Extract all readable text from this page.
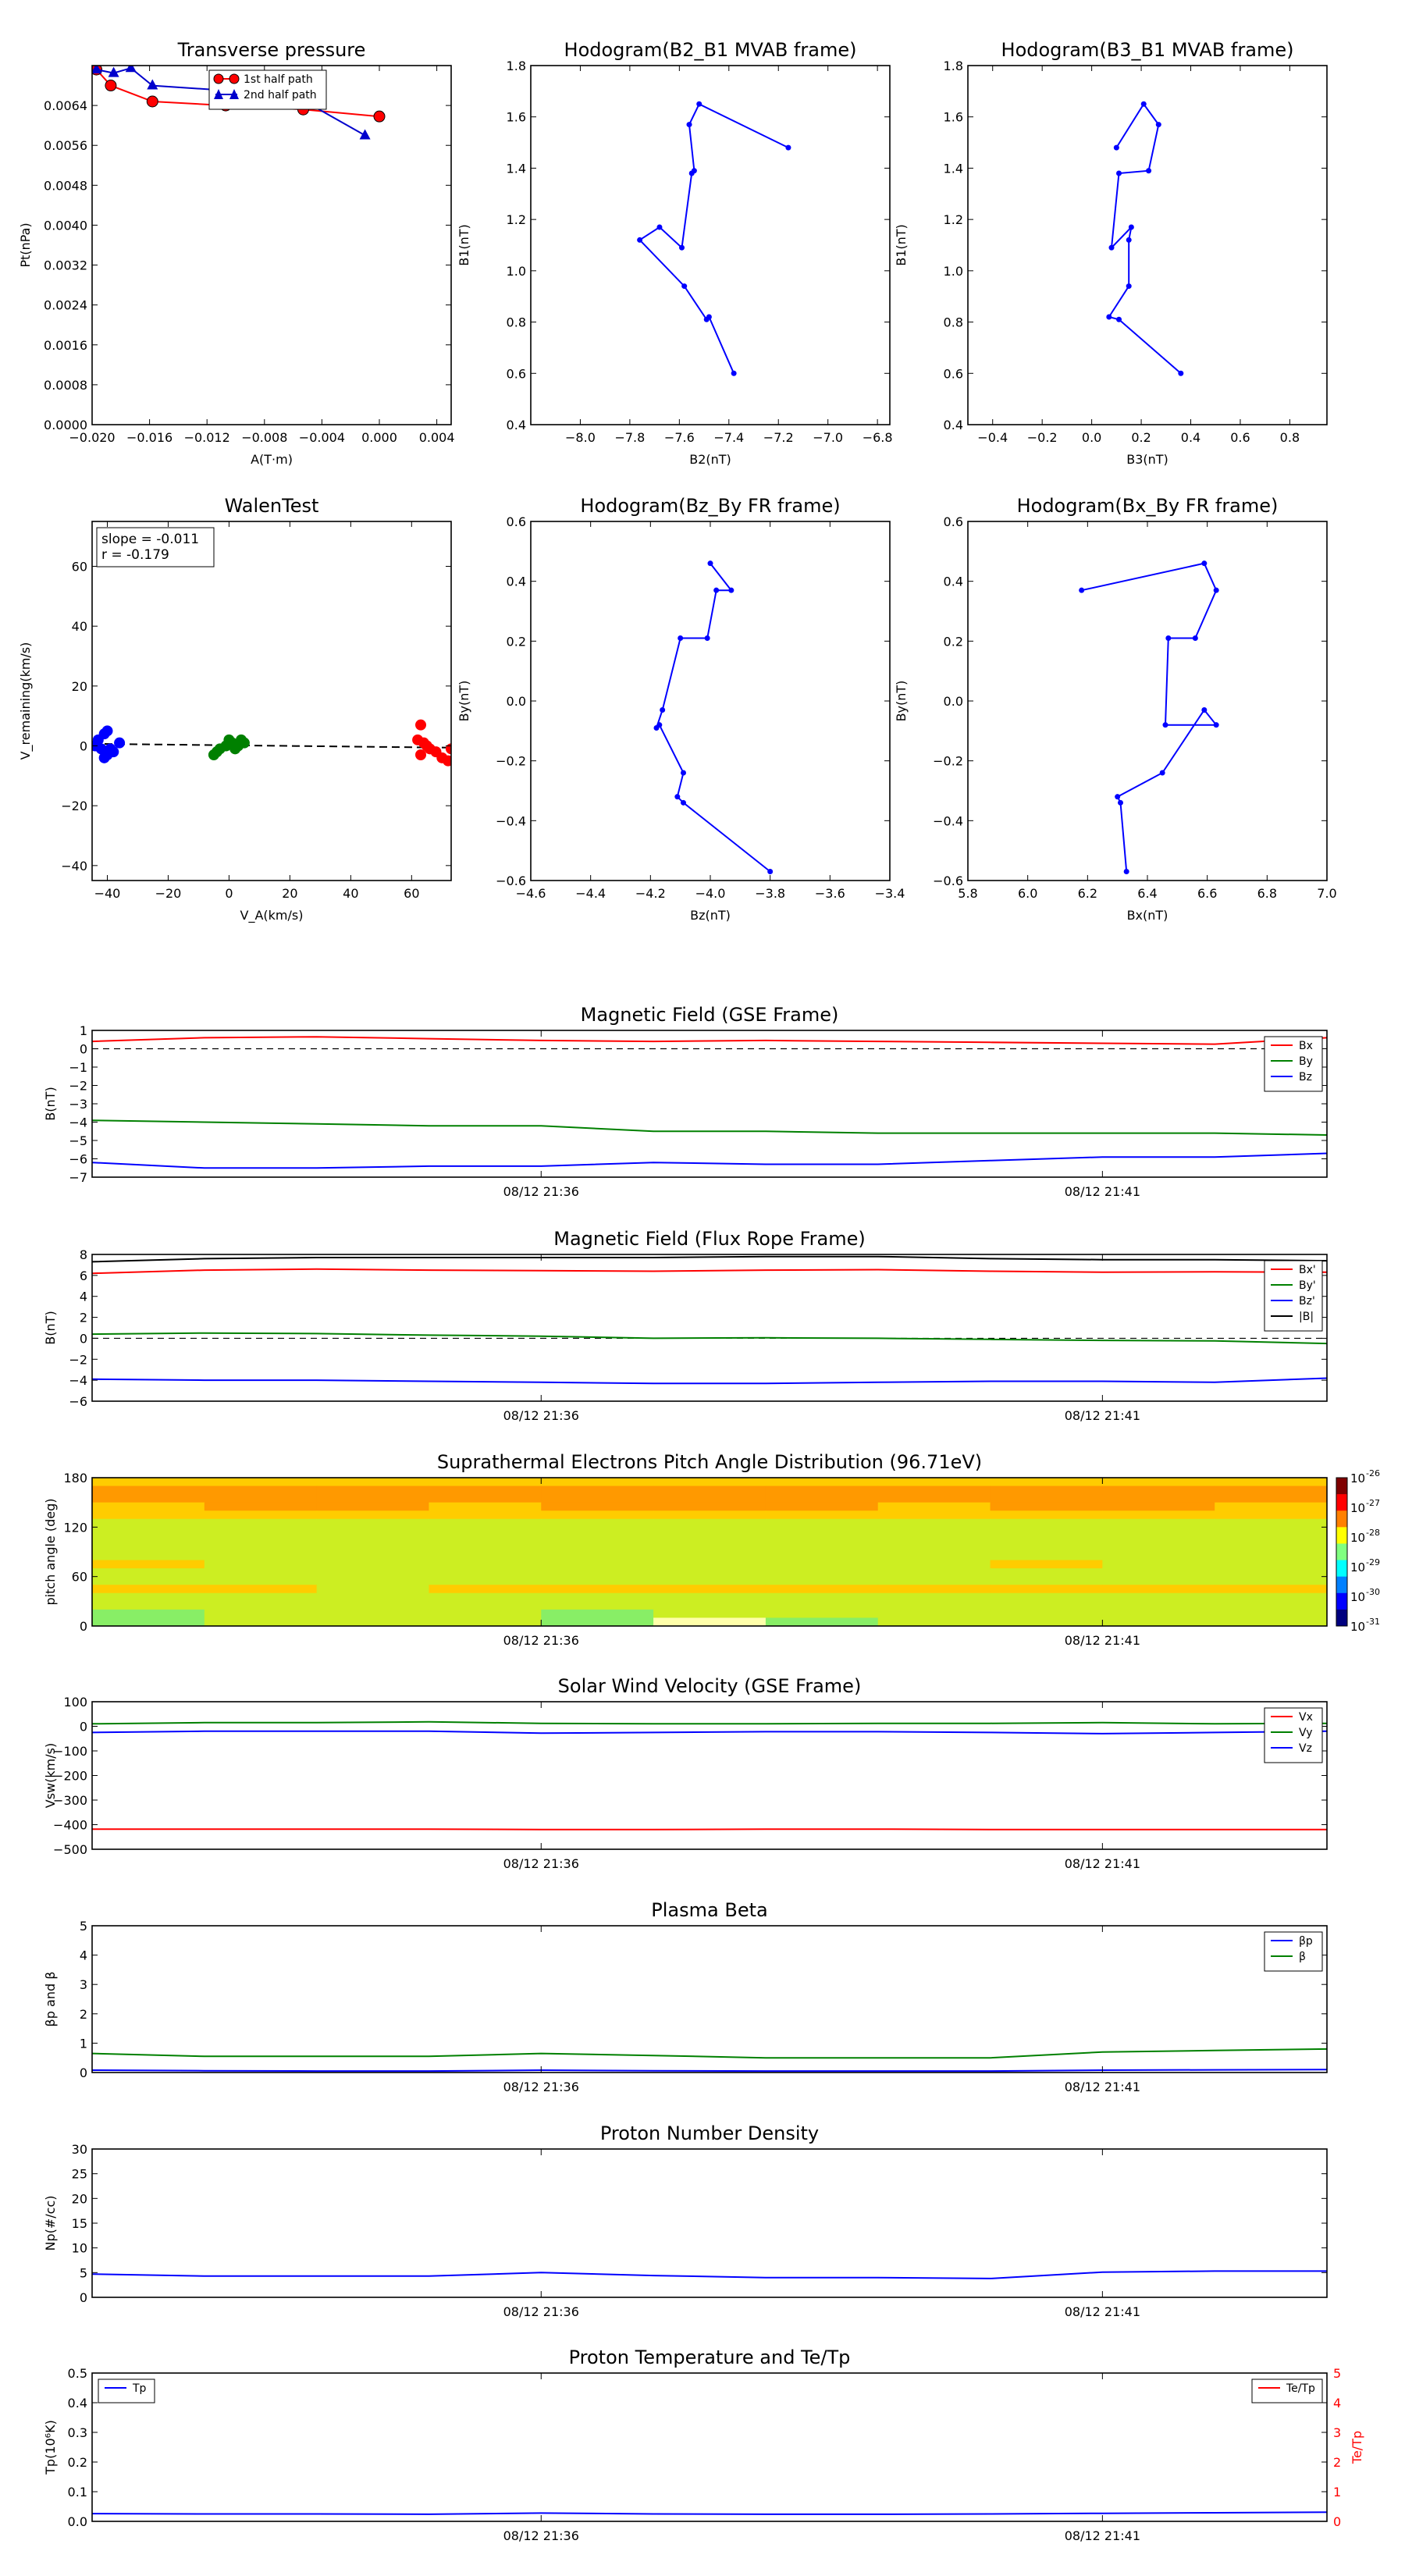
Transverse pressure
0.0000
0.0008
0.0016
0.0024
0.0032
0.0040
0.0048
0.0056
0.0064
−0.020 −0.016 −0.012 −0.008 −0.004 0.000 0.004
A(T·m)
Pt(nPa)
1st half path
2nd half path
Hodogram(B2_B1 MVAB frame)
0.4
0.6
0.8
1.0
1.2
1.4
1.6
1.8
−8.0 −7.8 −7.6 −7.4 −7.2 −7.0 −6.8
B2(nT)
B1(nT)
Hodogram(B3_B1 MVAB frame)
0.4
0.6
0.8
1.0
1.2
1.4
1.6
1.8
−0.4 −0.2 0.0 0.2 0.4 0.6 0.8
B3(nT)
B1(nT)
WalenTest
−40
−20
0
20
40
60
−40	−20	0	20	40	60
V_A(km/s)
V_remaining(km/s)
slope = -0.011
r = -0.179
Hodogram(Bz_By FR frame)
−0.6
−0.4
−0.2
0.0
0.2
0.4
0.6
−4.6 −4.4 −4.2 −4.0 −3.8 −3.6 −3.4
Bz(nT)
By(nT)
Hodogram(Bx_By FR frame)
−0.6
−0.4
−0.2
0.0
0.2
0.4
0.6
5.8	6.0	6.2	6.4	6.6	6.8	7.0
Bx(nT)
By(nT)
Magnetic Field (GSE Frame)
−7
−6
−5
−4
−3
−2
−1
0
1
08/12 21:36	08/12 21:41
B(nT)
Bx
By
Bz
Magnetic Field (Flux Rope Frame)
−6
−4
−2
0
2
4
6
8
08/12 21:36	08/12 21:41
B(nT)
Bx'
By'
Bz'
|B|
Suprathermal Electrons Pitch Angle Distribution (96.71eV)
0
60
120
180
08/12 21:36	08/12 21:41
pitch angle (deg)
10 -26
10 -27
10 -28
10 -29
10 -30
10 -31
Solar Wind Velocity (GSE Frame)
−500
−400
−300
−200
−100
0
100
08/12 21:36	08/12 21:41
Vsw(km/s)
Vx
Vy
Vz
Plasma Beta
0
1
2
3
4
5
08/12 21:36	08/12 21:41
βp and β
βp
β
Proton Number Density
0
5
10
15
20
25
30
08/12 21:36	08/12 21:41
Np(#/cc)
Proton Temperature and Te/Tp
0.0
0.1
0.2
0.3
0.4
0.5
08/12 21:36	08/12 21:41
Tp(10⁶K)
Tp	Te/Tp
0
1
2
3
4
5
Te/Tp
